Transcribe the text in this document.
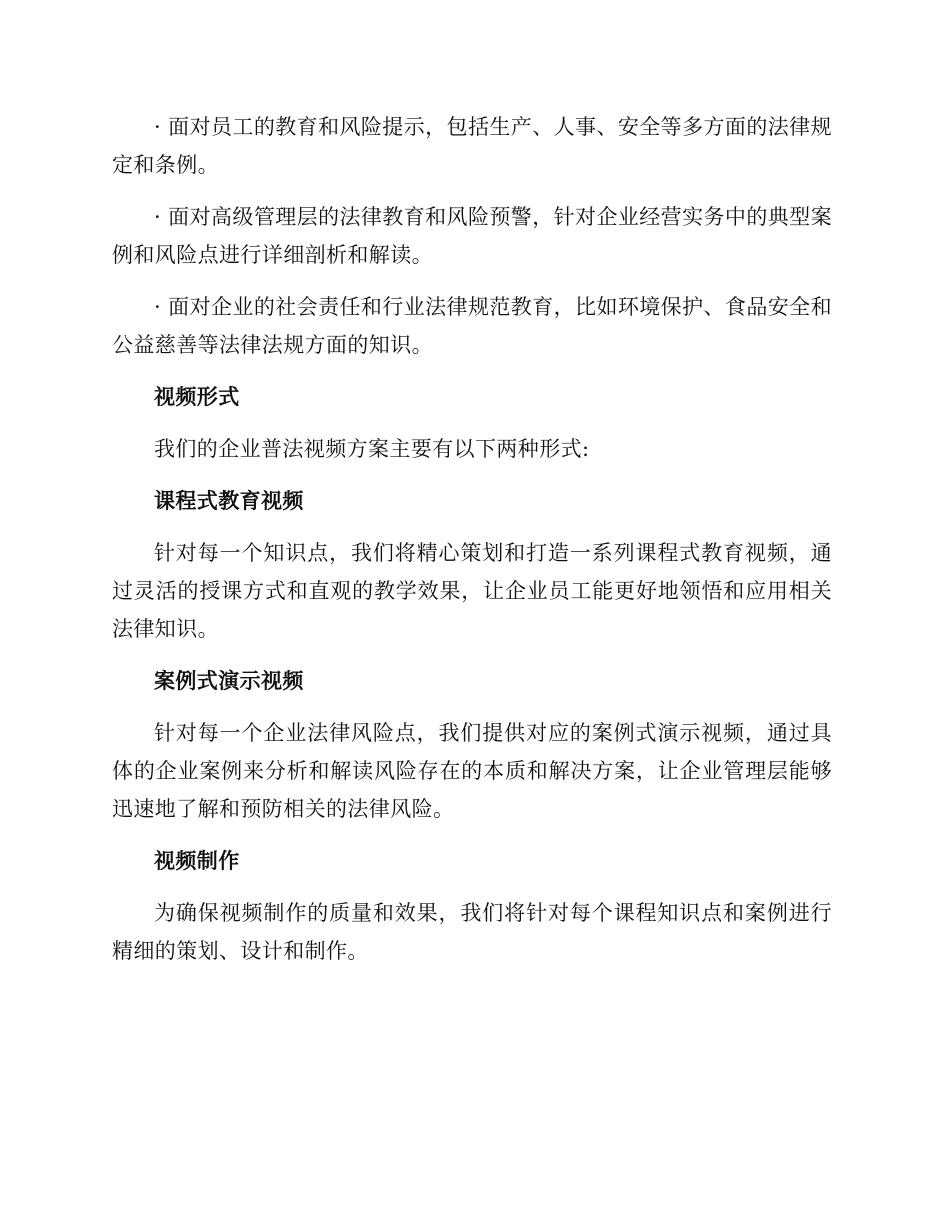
· 面对员工的教育和风险提示，包括生产、人事、安全等多方面的法律规定和条例。

· 面对高级管理层的法律教育和风险预警，针对企业经营实务中的典型案例和风险点进行详细剖析和解读。

· 面对企业的社会责任和行业法律规范教育，比如环境保护、食品安全和公益慈善等法律法规方面的知识。

视频形式

我们的企业普法视频方案主要有以下两种形式:

课程式教育视频

针对每一个知识点，我们将精心策划和打造一系列课程式教育视频，通过灵活的授课方式和直观的教学效果，让企业员工能更好地领悟和应用相关法律知识。

案例式演示视频

针对每一个企业法律风险点，我们提供对应的案例式演示视频，通过具体的企业案例来分析和解读风险存在的本质和解决方案，让企业管理层能够迅速地了解和预防相关的法律风险。

视频制作

为确保视频制作的质量和效果，我们将针对每个课程知识点和案例进行精细的策划、设计和制作。
